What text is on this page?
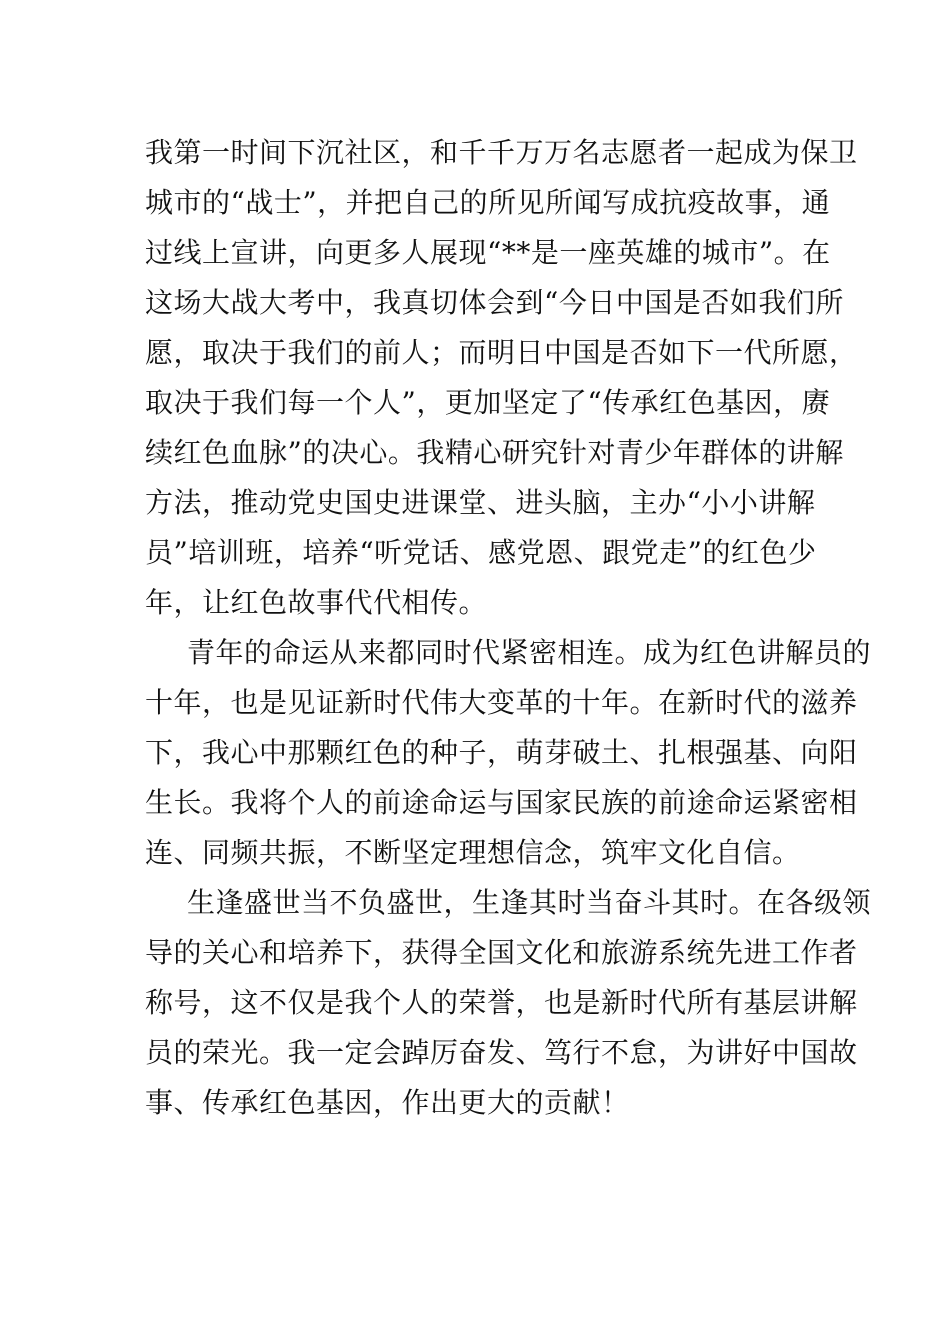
我第一时间下沉社区，和千千万万名志愿者一起成为保卫
城市的“战士”，并把自己的所见所闻写成抗疫故事，通
过线上宣讲，向更多人展现“**是一座英雄的城市”。在
这场大战大考中，我真切体会到“今日中国是否如我们所
愿，取决于我们的前人；而明日中国是否如下一代所愿，
取决于我们每一个人”，更加坚定了“传承红色基因，赓
续红色血脉”的决心。我精心研究针对青少年群体的讲解
方法，推动党史国史进课堂、进头脑，主办“小小讲解
员”培训班，培养“听党话、感党恩、跟党走”的红色少
年，让红色故事代代相传。
青年的命运从来都同时代紧密相连。成为红色讲解员的
十年，也是见证新时代伟大变革的十年。在新时代的滋养
下，我心中那颗红色的种子，萌芽破土、扎根强基、向阳
生长。我将个人的前途命运与国家民族的前途命运紧密相
连、同频共振，不断坚定理想信念，筑牢文化自信。
生逢盛世当不负盛世，生逢其时当奋斗其时。在各级领
导的关心和培养下，获得全国文化和旅游系统先进工作者
称号，这不仅是我个人的荣誉，也是新时代所有基层讲解
员的荣光。我一定会踔厉奋发、笃行不怠，为讲好中国故
事、传承红色基因，作出更大的贡献！
